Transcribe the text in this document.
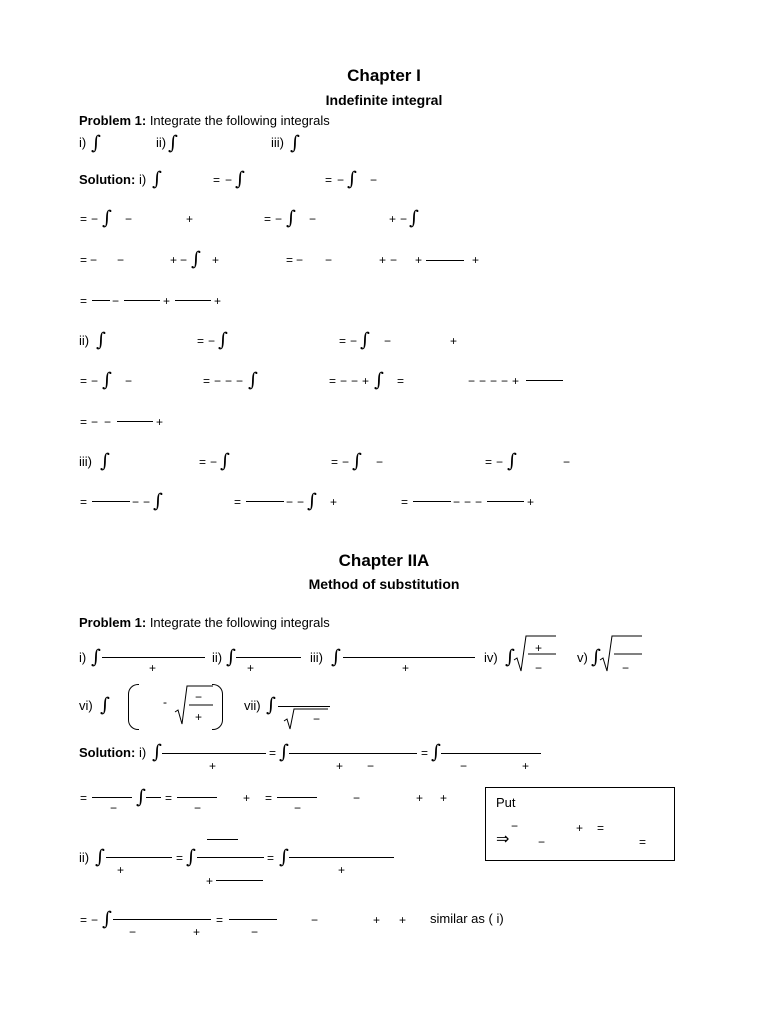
Chapter I
Indefinite integral
Problem 1: Integrate the following integrals
i) ∫	ii) ∫	iii) ∫
Solution: i) ∫	= − ∫	= − ∫ −
= − ∫ −	+	= − ∫ −	+ − ∫
= − −	+ − ∫ +	= − −	+ − +	+
= −	+	+
ii) ∫	= − ∫	= − ∫ −	+
= − ∫ −	= − − − ∫	= − − + ∫ =	− − − − +
= − −	+
iii) ∫	= − ∫	= − ∫ −	= − ∫	−
=	− − ∫	=	− − ∫ +	=	− − −	+
Chapter IIA
Method of substitution
Problem 1: Integrate the following integrals
i) ∫	+
ii) ∫ +
iii) ∫	+
iv) ∫ +
−
v) ∫ −
vi) ∫	- −
+
vii) ∫
−
Solution: i) ∫
+
= ∫
+ −
= ∫
−	+
=
− ∫ =
−
+ =
−
−	+ +	Put
−	+ =
⇒ −	=
ii) ∫
+
= ∫
+
= ∫
+
= − ∫
−	+
=
−
−	+ + similar as ( i)
